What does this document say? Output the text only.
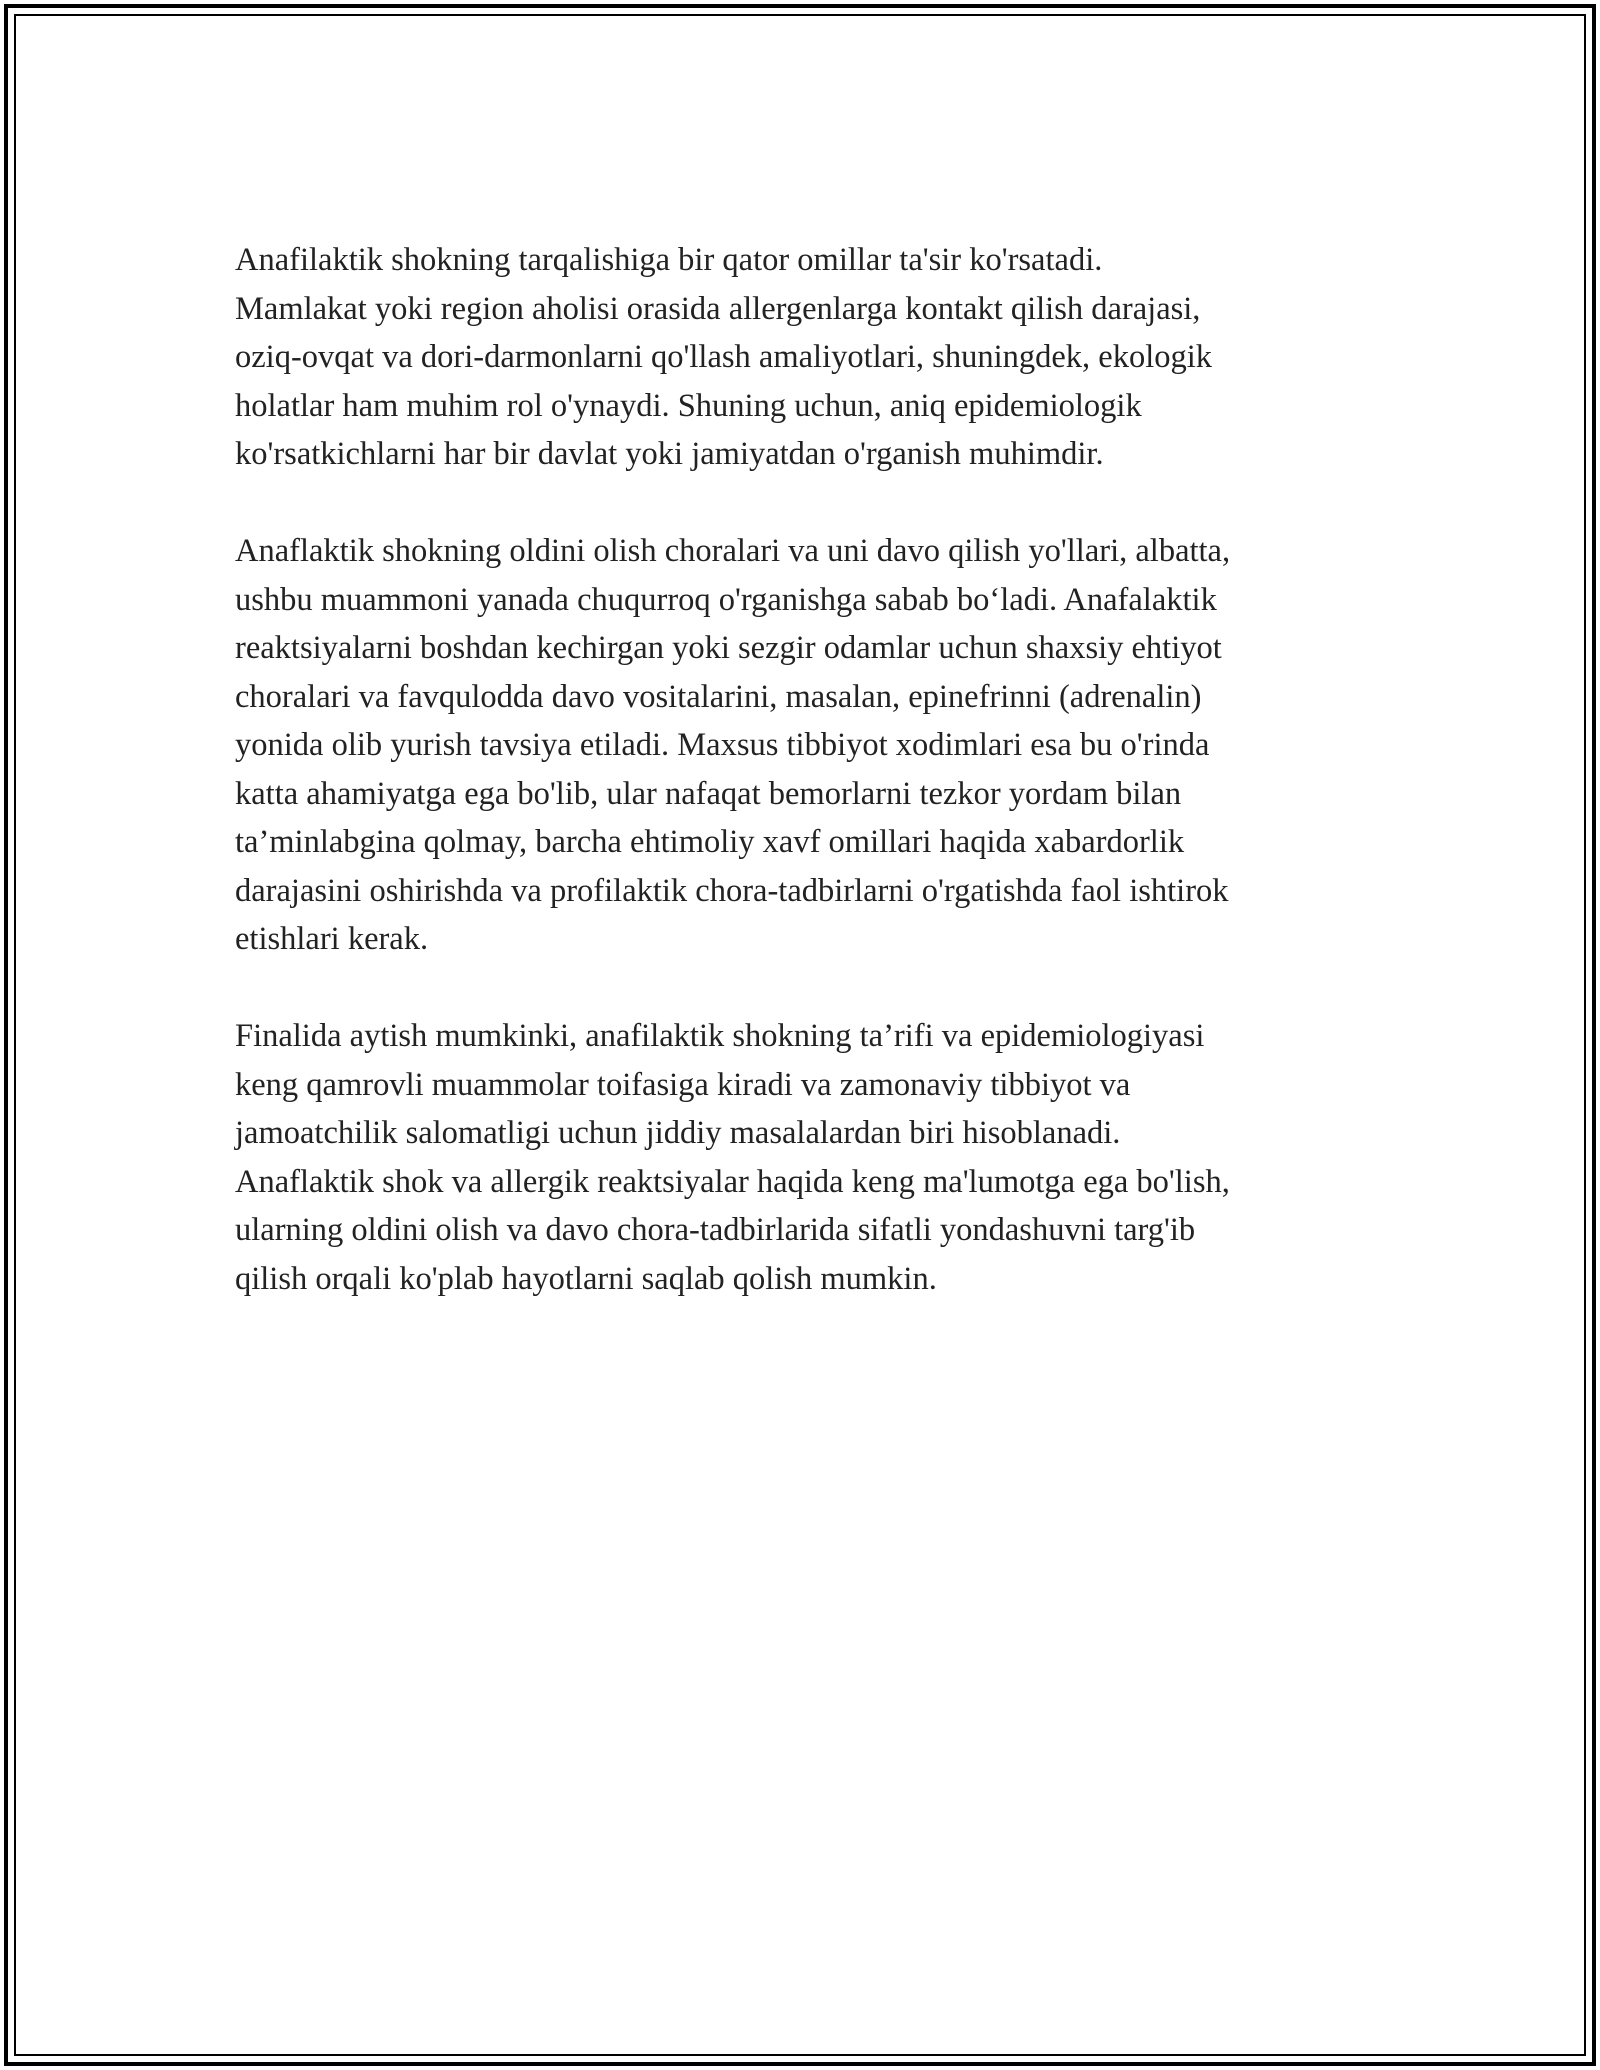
Anafilaktik shokning tarqalishiga bir qator omillar ta'sir ko'rsatadi.
Mamlakat yoki region aholisi orasida allergenlarga kontakt qilish darajasi,
oziq-ovqat va dori-darmonlarni qo'llash amaliyotlari, shuningdek, ekologik
holatlar ham muhim rol o'ynaydi. Shuning uchun, aniq epidemiologik
ko'rsatkichlarni har bir davlat yoki jamiyatdan o'rganish muhimdir.

Anaflaktik shokning oldini olish choralari va uni davo qilish yo'llari, albatta,
ushbu muammoni yanada chuqurroq o'rganishga sabab bo‘ladi. Anafalaktik
reaktsiyalarni boshdan kechirgan yoki sezgir odamlar uchun shaxsiy ehtiyot
choralari va favqulodda davo vositalarini, masalan, epinefrinni (adrenalin)
yonida olib yurish tavsiya etiladi. Maxsus tibbiyot xodimlari esa bu o'rinda
katta ahamiyatga ega bo'lib, ular nafaqat bemorlarni tezkor yordam bilan
ta’minlabgina qolmay, barcha ehtimoliy xavf omillari haqida xabardorlik
darajasini oshirishda va profilaktik chora-tadbirlarni o'rgatishda faol ishtirok
etishlari kerak.

Finalida aytish mumkinki, anafilaktik shokning ta’rifi va epidemiologiyasi
keng qamrovli muammolar toifasiga kiradi va zamonaviy tibbiyot va
jamoatchilik salomatligi uchun jiddiy masalalardan biri hisoblanadi.
Anaflaktik shok va allergik reaktsiyalar haqida keng ma'lumotga ega bo'lish,
ularning oldini olish va davo chora-tadbirlarida sifatli yondashuvni targ'ib
qilish orqali ko'plab hayotlarni saqlab qolish mumkin.
